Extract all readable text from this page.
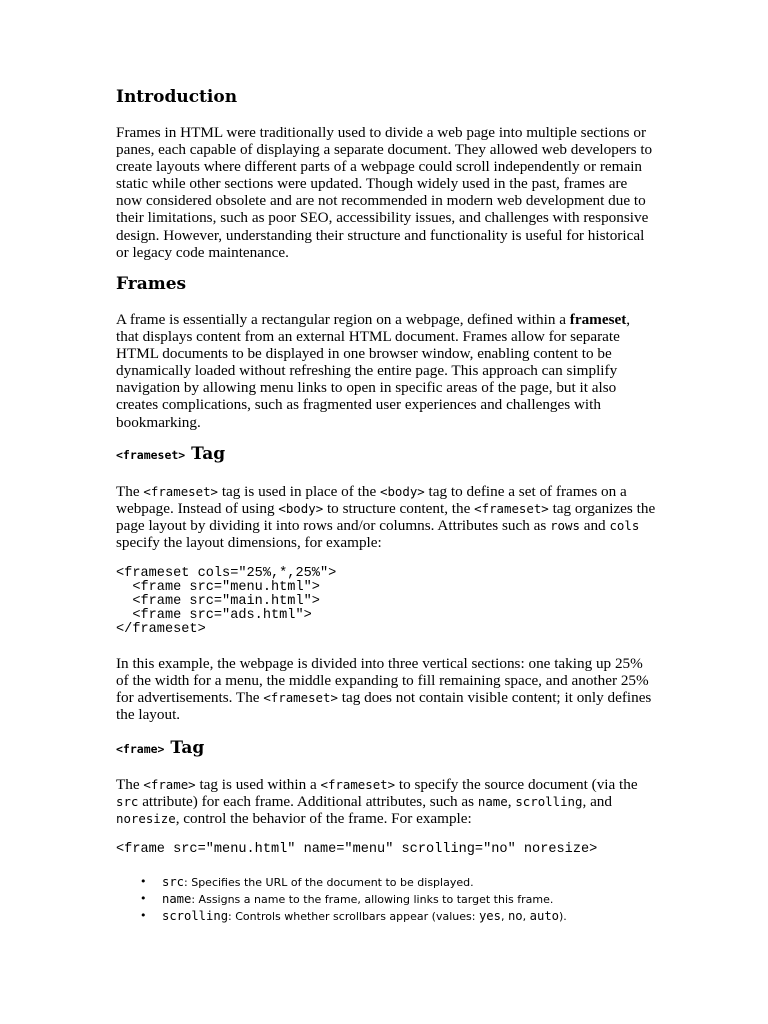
Introduction

Frames in HTML were traditionally used to divide a web page into multiple sections or panes, each capable of displaying a separate document. They allowed web developers to create layouts where different parts of a webpage could scroll independently or remain static while other sections were updated. Though widely used in the past, frames are now considered obsolete and are not recommended in modern web development due to their limitations, such as poor SEO, accessibility issues, and challenges with responsive design. However, understanding their structure and functionality is useful for historical or legacy code maintenance.

Frames

A frame is essentially a rectangular region on a webpage, defined within a frameset, that displays content from an external HTML document. Frames allow for separate HTML documents to be displayed in one browser window, enabling content to be dynamically loaded without refreshing the entire page. This approach can simplify navigation by allowing menu links to open in specific areas of the page, but it also creates complications, such as fragmented user experiences and challenges with bookmarking.

<frameset> Tag

The <frameset> tag is used in place of the <body> tag to define a set of frames on a webpage. Instead of using <body> to structure content, the <frameset> tag organizes the page layout by dividing it into rows and/or columns. Attributes such as rows and cols specify the layout dimensions, for example:

<frameset cols="25%,*,25%">
<frame src="menu.html">
<frame src="main.html">
<frame src="ads.html">
</frameset>

In this example, the webpage is divided into three vertical sections: one taking up 25% of the width for a menu, the middle expanding to fill remaining space, and another 25% for advertisements. The <frameset> tag does not contain visible content; it only defines the layout.

<frame> Tag

The <frame> tag is used within a <frameset> to specify the source document (via the src attribute) for each frame. Additional attributes, such as name, scrolling, and noresize, control the behavior of the frame. For example:

<frame src="menu.html" name="menu" scrolling="no" noresize>
• src: Specifies the URL of the document to be displayed.
• name: Assigns a name to the frame, allowing links to target this frame.
• scrolling: Controls whether scrollbars appear (values: yes, no, auto).
